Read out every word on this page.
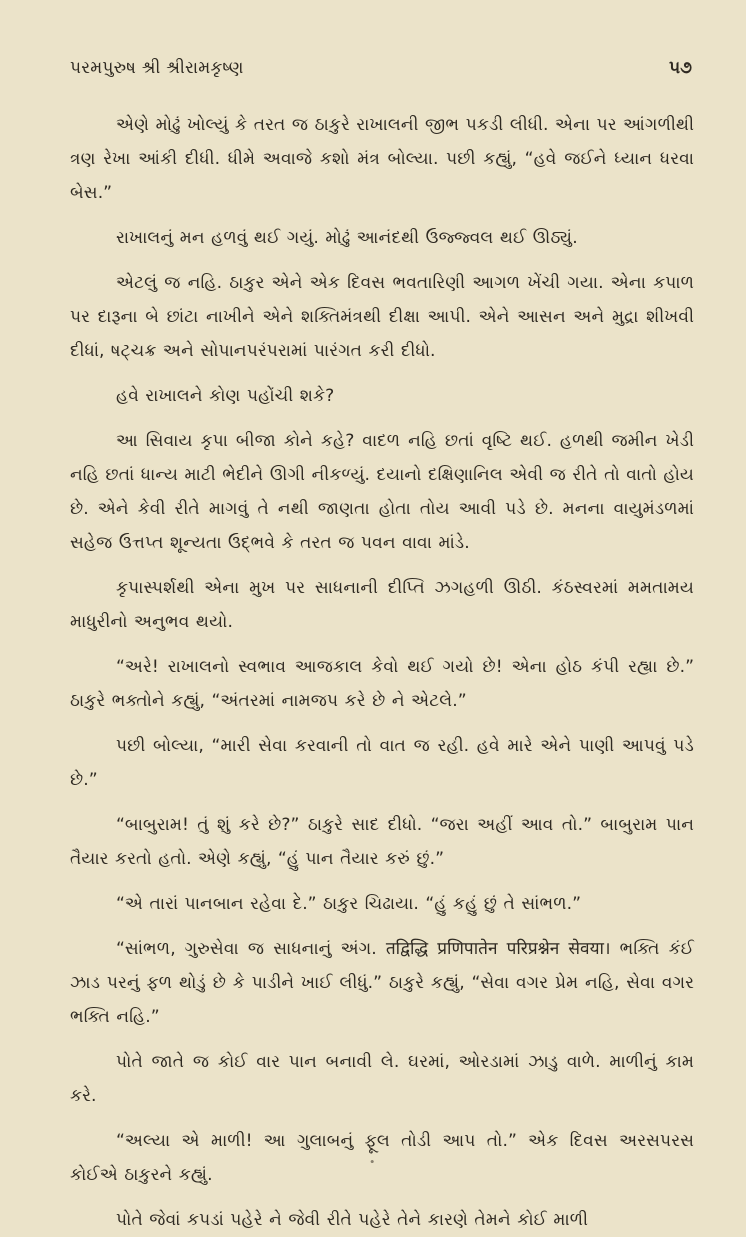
પરમપુરુષ શ્રી શ્રીરામકૃષ્ણ	૫૭

એણે મોઢું ખોલ્યું કે તરત જ ઠાકુરે રાખાલની જીભ પકડી લીધી. એના પર આંગળીથી ત્રણ રેખા આંકી દીધી. ધીમે અવાજે કશો મંત્ર બોલ્યા. પછી કહ્યું, “હવે જઈને ધ્યાન ધરવા બેસ.”

રાખાલનું મન હળવું થઈ ગયું. મોઢું આનંદથી ઉજ્જ્વલ થઈ ઊઠ્યું.

એટલું જ નહિ. ઠાકુર એને એક દિવસ ભવતારિણી આગળ ખેંચી ગયા. એના કપાળ પર દારૂના બે છાંટા નાખીને એને શક્તિમંત્રથી દીક્ષા આપી. એને આસન અને મુદ્રા શીખવી દીધાં, ષટ્ચક્ર અને સોપાનપરંપરામાં પારંગત કરી દીધો.

હવે રાખાલને કોણ પહોંચી શકે?

આ સિવાય કૃપા બીજા કોને કહે? વાદળ નહિ છતાં વૃષ્ટિ થઈ. હળથી જમીન ખેડી નહિ છતાં ધાન્ય માટી ભેદીને ઊગી નીકળ્યું. દયાનો દક્ષિણાનિલ એવી જ રીતે તો વાતો હોય છે. એને કેવી રીતે માગવું તે નથી જાણતા હોતા તોય આવી પડે છે. મનના વાયુમંડળમાં સહેજ ઉત્તપ્ત શૂન્યતા ઉદ્ભવે કે તરત જ પવન વાવા માંડે.

કૃપાસ્પર્શથી એના મુખ પર સાધનાની દીપ્તિ ઝગહળી ઊઠી. કંઠસ્વરમાં મમતામય માધુરીનો અનુભવ થયો.

“અરે! રાખાલનો સ્વભાવ આજકાલ કેવો થઈ ગયો છે! એના હોઠ કંપી રહ્યા છે.” ઠાકુરે ભક્તોને કહ્યું, “અંતરમાં નામજપ કરે છે ને એટલે.”

પછી બોલ્યા, “મારી સેવા કરવાની તો વાત જ રહી. હવે મારે એને પાણી આપવું પડે છે.”

“બાબુરામ! તું શું કરે છે?” ઠાકુરે સાદ દીધો. “જરા અહીં આવ તો.” બાબુરામ પાન તૈયાર કરતો હતો. એણે કહ્યું, “હું પાન તૈયાર કરું છું.”

“એ તારાં પાનબાન રહેવા દે.” ઠાકુર ચિઢાયા. “હું કહું છું તે સાંભળ.”

“સાંભળ, ગુરુસેવા જ સાધનાનું અંગ. तद्विद्धि प्रणिपातेन परिप्रश्नेन सेवया। ભક્તિ કંઈ ઝાડ પરનું ફળ થોડું છે કે પાડીને ખાઈ લીધું.” ઠાકુરે કહ્યું, “સેવા વગર પ્રેમ નહિ, સેવા વગર ભક્તિ નહિ.”

પોતે જાતે જ કોઈ વાર પાન બનાવી લે. ઘરમાં, ઓરડામાં ઝાડુ વાળે. માળીનું કામ કરે.

“અલ્યા એ માળી! આ ગુલાબનું ફૂલ તોડી આપ તો.” એક દિવસ અરસપરસ કોઈએ ઠાકુરને કહ્યું.

પોતે જેવાં કપડાં પહેરે ને જેવી રીતે પહેરે તેને કારણે તેમને કોઈ માળી

ꔷ
